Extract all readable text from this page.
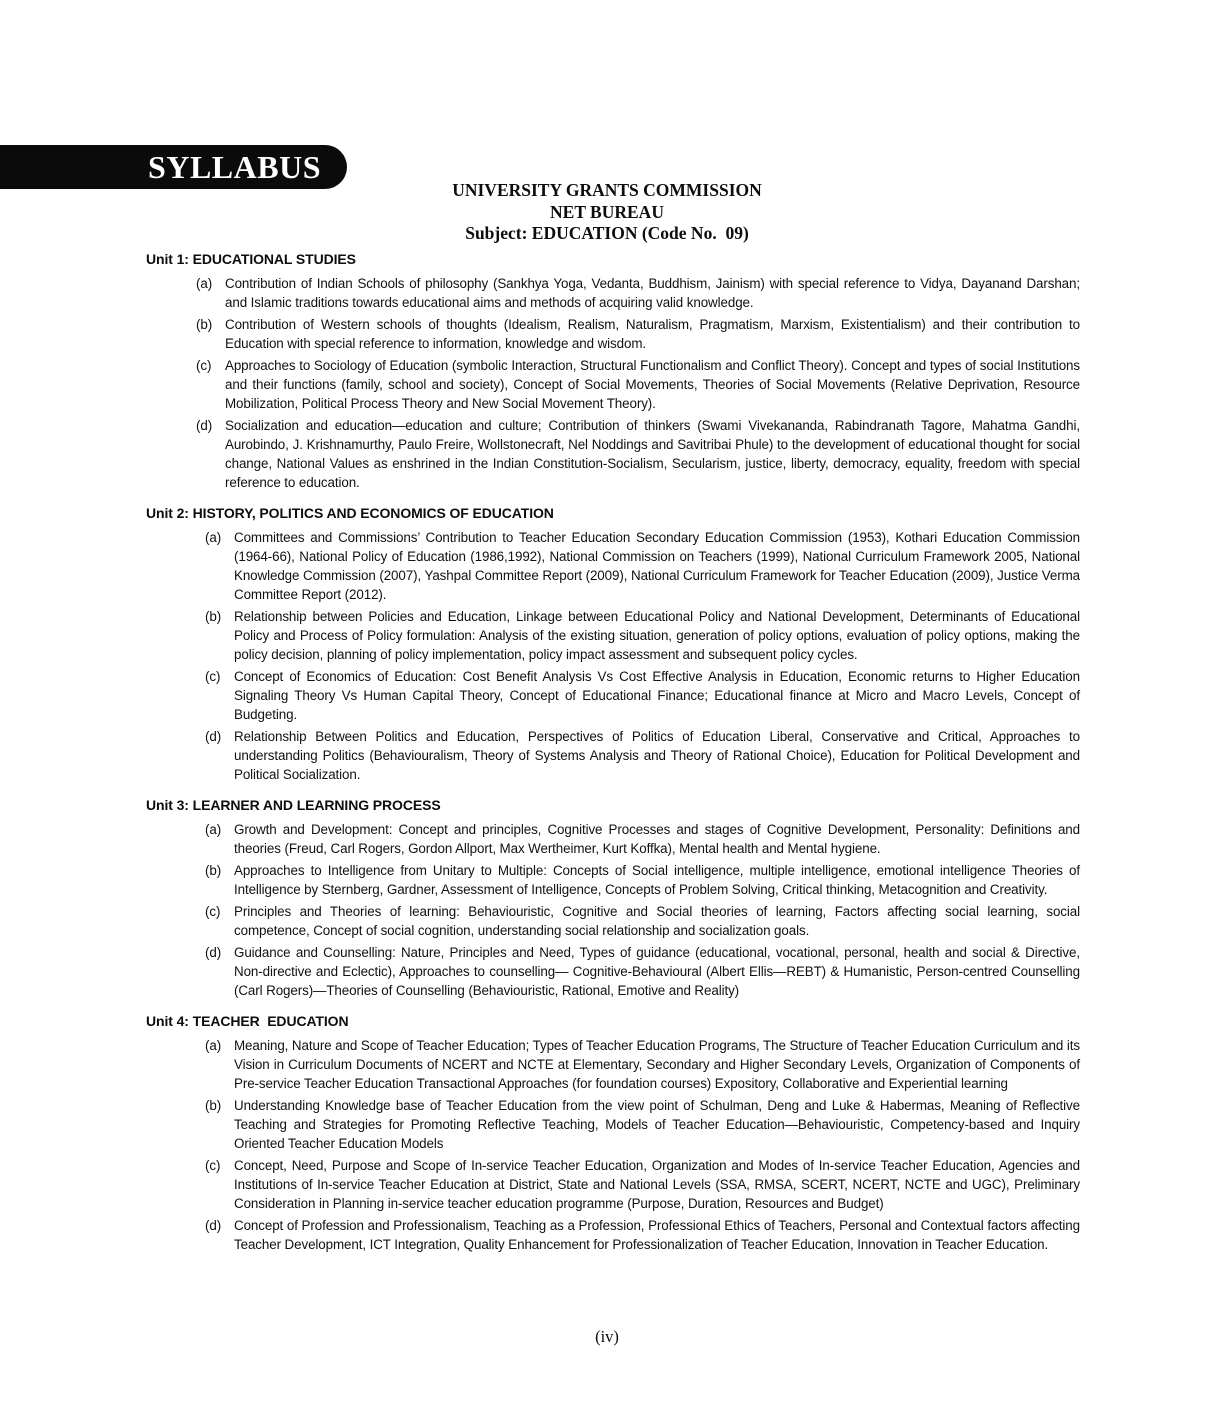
SYLLABUS
UNIVERSITY GRANTS COMMISSION
NET BUREAU
Subject: EDUCATION (Code No.  09)
Unit 1: EDUCATIONAL STUDIES
(a) Contribution of Indian Schools of philosophy (Sankhya Yoga, Vedanta, Buddhism, Jainism) with special reference to Vidya, Dayanand Darshan; and Islamic traditions towards educational aims and methods of acquiring valid knowledge.
(b) Contribution of Western schools of thoughts (Idealism, Realism, Naturalism, Pragmatism, Marxism, Existentialism) and their contribution to Education with special reference to information, knowledge and wisdom.
(c)	Approaches to Sociology of Education (symbolic Interaction, Structural Functionalism and Conflict Theory). Concept and types of social Institutions and their functions (family, school and society), Concept of Social Movements, Theories of Social Movements (Relative Deprivation, Resource Mobilization, Political Process Theory and New Social Movement Theory).
(d) Socialization and education—education and culture; Contribution of thinkers (Swami Vivekananda, Rabindranath Tagore, Mahatma Gandhi, Aurobindo, J. Krishnamurthy, Paulo Freire, Wollstonecraft, Nel Noddings and Savitribai Phule) to the development of educational thought for social change, National Values as enshrined in the Indian Constitution-Socialism, Secularism, justice, liberty, democracy, equality, freedom with special reference to education.
Unit 2: HISTORY, POLITICS AND ECONOMICS OF EDUCATION
(a) Committees and Commissions’ Contribution to Teacher Education Secondary Education Commission (1953), Kothari Education Commission (1964-66), National Policy of Education (1986,1992), National Commission on Teachers (1999), National Curriculum Framework 2005, National Knowledge Commission (2007), Yashpal Committee Report (2009), National Curriculum Framework for Teacher Education (2009), Justice Verma Committee Report (2012).
(b) Relationship between Policies and Education, Linkage between Educational Policy and National Development, Determinants of Educational Policy and Process of Policy formulation: Analysis of the existing situation, generation of policy options, evaluation of policy options, making the policy decision, planning of policy implementation, policy impact assessment and subsequent policy cycles.
(c)	Concept of Economics of Education: Cost Benefit Analysis Vs Cost Effective Analysis in Education, Economic returns to Higher Education Signaling Theory Vs Human Capital Theory, Concept of Educational Finance; Educational finance at Micro and Macro Levels, Concept of Budgeting.
(d) Relationship Between Politics and Education, Perspectives of Politics of Education Liberal, Conservative and Critical, Approaches to understanding Politics (Behaviouralism, Theory of Systems Analysis and Theory of Rational Choice), Education for Political Development and Political Socialization.
Unit 3: LEARNER AND LEARNING PROCESS
(a) Growth and Development: Concept and principles, Cognitive Processes and stages of Cognitive Development, Personality: Definitions and theories (Freud, Carl Rogers, Gordon Allport, Max Wertheimer, Kurt Koffka), Mental health and Mental hygiene.
(b) Approaches to Intelligence from Unitary to Multiple: Concepts of Social intelligence, multiple intelligence, emotional intelligence Theories of Intelligence by Sternberg, Gardner, Assessment of Intelligence, Concepts of Problem Solving, Critical thinking, Metacognition and Creativity.
(c)	Principles and Theories of learning: Behaviouristic, Cognitive and Social theories of learning, Factors affecting social learning, social competence, Concept of social cognition, understanding social relationship and socialization goals.
(d) Guidance and Counselling: Nature, Principles and Need, Types of guidance (educational, vocational, personal, health and social & Directive, Non-directive and Eclectic), Approaches to counselling— Cognitive-Behavioural (Albert Ellis—REBT) & Humanistic, Person-centred Counselling (Carl Rogers)—Theories of Counselling (Behaviouristic, Rational, Emotive and Reality)
Unit 4: TEACHER  EDUCATION
(a) Meaning, Nature and Scope of Teacher Education; Types of Teacher Education Programs, The Structure of Teacher Education Curriculum and its Vision in Curriculum Documents of NCERT and NCTE at Elementary, Secondary and Higher Secondary Levels, Organization of Components of Pre-service Teacher Education Transactional Approaches (for foundation courses) Expository, Collaborative and Experiential learning
(b) Understanding Knowledge base of Teacher Education from the view point of Schulman, Deng and Luke & Habermas, Meaning of Reflective Teaching and Strategies for Promoting Reflective Teaching, Models of Teacher Education—Behaviouristic, Competency-based and Inquiry Oriented Teacher Education Models
(c)	Concept, Need, Purpose and Scope of In-service Teacher Education, Organization and Modes of In-service Teacher Education, Agencies and Institutions of In-service Teacher Education at District, State and National Levels (SSA, RMSA, SCERT, NCERT, NCTE and UGC), Preliminary Consideration in Planning in-service teacher education programme (Purpose, Duration, Resources and Budget)
(d) Concept of Profession and Professionalism, Teaching as a Profession, Professional Ethics of Teachers, Personal and Contextual factors affecting Teacher Development, ICT Integration, Quality Enhancement for Professionalization of Teacher Education, Innovation in Teacher Education.
(iv)
